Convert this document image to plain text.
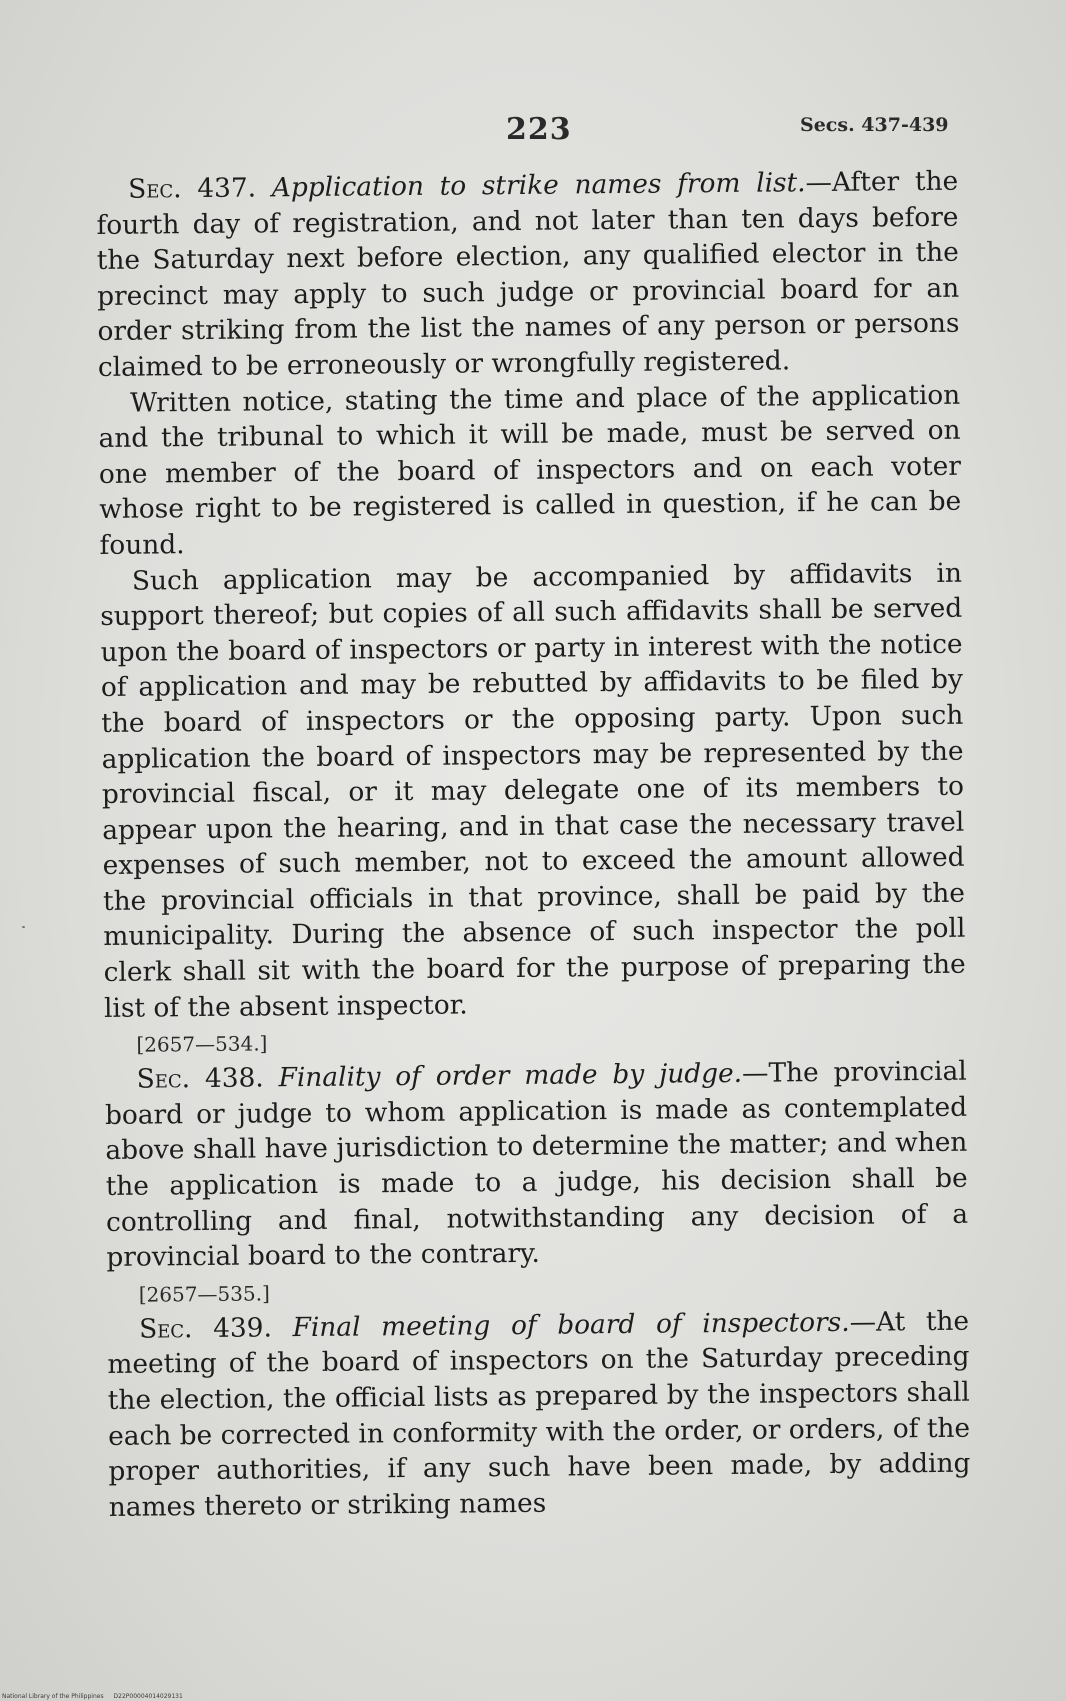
223	Secs. 437-439

Sec. 437. Application to strike names from list.—After the fourth day of registration, and not later than ten days before the Saturday next before election, any qualified elector in the precinct may apply to such judge or provincial board for an order striking from the list the names of any person or persons claimed to be erroneously or wrongfully registered.

Written notice, stating the time and place of the application and the tribunal to which it will be made, must be served on one member of the board of inspectors and on each voter whose right to be registered is called in question, if he can be found.

Such application may be accompanied by affidavits in support thereof; but copies of all such affidavits shall be served upon the board of inspectors or party in interest with the notice of application and may be rebutted by affidavits to be filed by the board of inspectors or the opposing party. Upon such application the board of inspectors may be represented by the provincial fiscal, or it may delegate one of its members to appear upon the hearing, and in that case the necessary travel expenses of such member, not to exceed the amount allowed the provincial officials in that province, shall be paid by the municipality. During the absence of such inspector the poll clerk shall sit with the board for the purpose of preparing the list of the absent inspector.

[2657—534.]

Sec. 438. Finality of order made by judge.—The provincial board or judge to whom application is made as contemplated above shall have jurisdiction to determine the matter; and when the application is made to a judge, his decision shall be controlling and final, notwithstanding any decision of a provincial board to the contrary.

[2657—535.]

Sec. 439. Final meeting of board of inspectors.—At the meeting of the board of inspectors on the Saturday preceding the election, the official lists as prepared by the inspectors shall each be corrected in conformity with the order, or orders, of the proper authorities, if any such have been made, by adding names thereto or striking names

National Library of the Philippines D22P00004014029131
